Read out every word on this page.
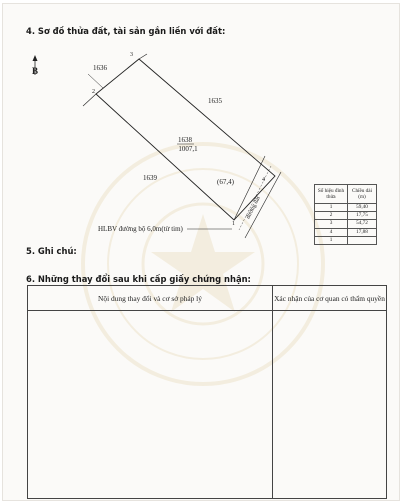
4. Sơ đồ thửa đất, tài sản gắn liền với đất:
B	1636
1635
1639
1638
1007,1
2
3
4
1
(67,4)
đường đất
HLBV đường bộ 6,0m(từ tim)
Số hiệu đỉnh thửa	Chiều dài (m)
1	59,40
2	17,75
3	54,72
4	17,88
1	
5. Ghi chú:
6. Những thay đổi sau khi cấp giấy chứng nhận:
Nội dung thay đổi và cơ sở pháp lý	Xác nhận của cơ quan có thẩm quyền
